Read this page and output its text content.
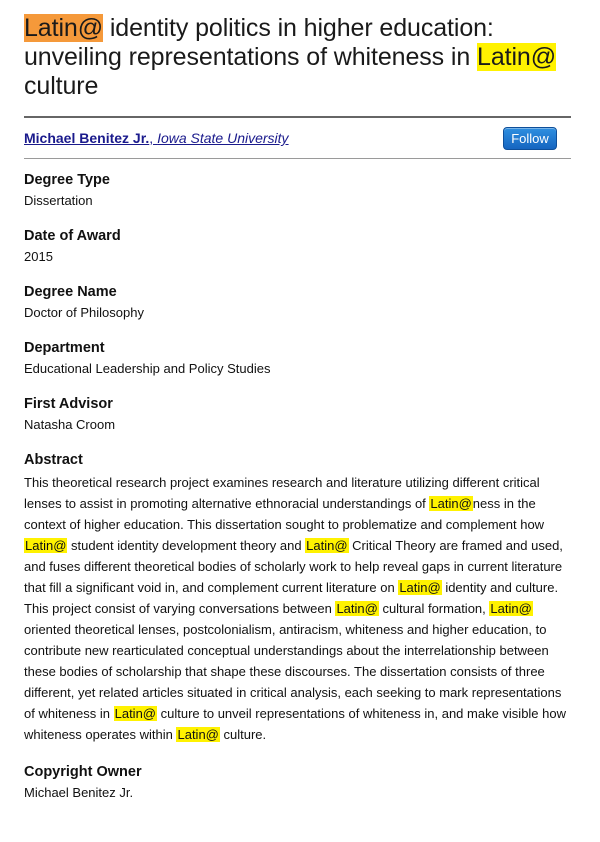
Latin@ identity politics in higher education: unveiling representations of whiteness in Latin@ culture
Michael Benitez Jr., Iowa State University	Follow
Degree Type

Dissertation

Date of Award

2015

Degree Name

Doctor of Philosophy

Department

Educational Leadership and Policy Studies

First Advisor

Natasha Croom

Abstract

This theoretical research project examines research and literature utilizing different critical lenses to assist in promoting alternative ethnoracial understandings of Latin@ness in the context of higher education. This dissertation sought to problematize and complement how Latin@ student identity development theory and Latin@ Critical Theory are framed and used, and fuses different theoretical bodies of scholarly work to help reveal gaps in current literature that fill a significant void in, and complement current literature on Latin@ identity and culture. This project consist of varying conversations between Latin@ cultural formation, Latin@ oriented theoretical lenses, postcolonialism, antiracism, whiteness and higher education, to contribute new rearticulated conceptual understandings about the interrelationship between these bodies of scholarship that shape these discourses. The dissertation consists of three different, yet related articles situated in critical analysis, each seeking to mark representations of whiteness in Latin@ culture to unveil representations of whiteness in, and make visible how whiteness operates within Latin@ culture.

Copyright Owner

Michael Benitez Jr.
